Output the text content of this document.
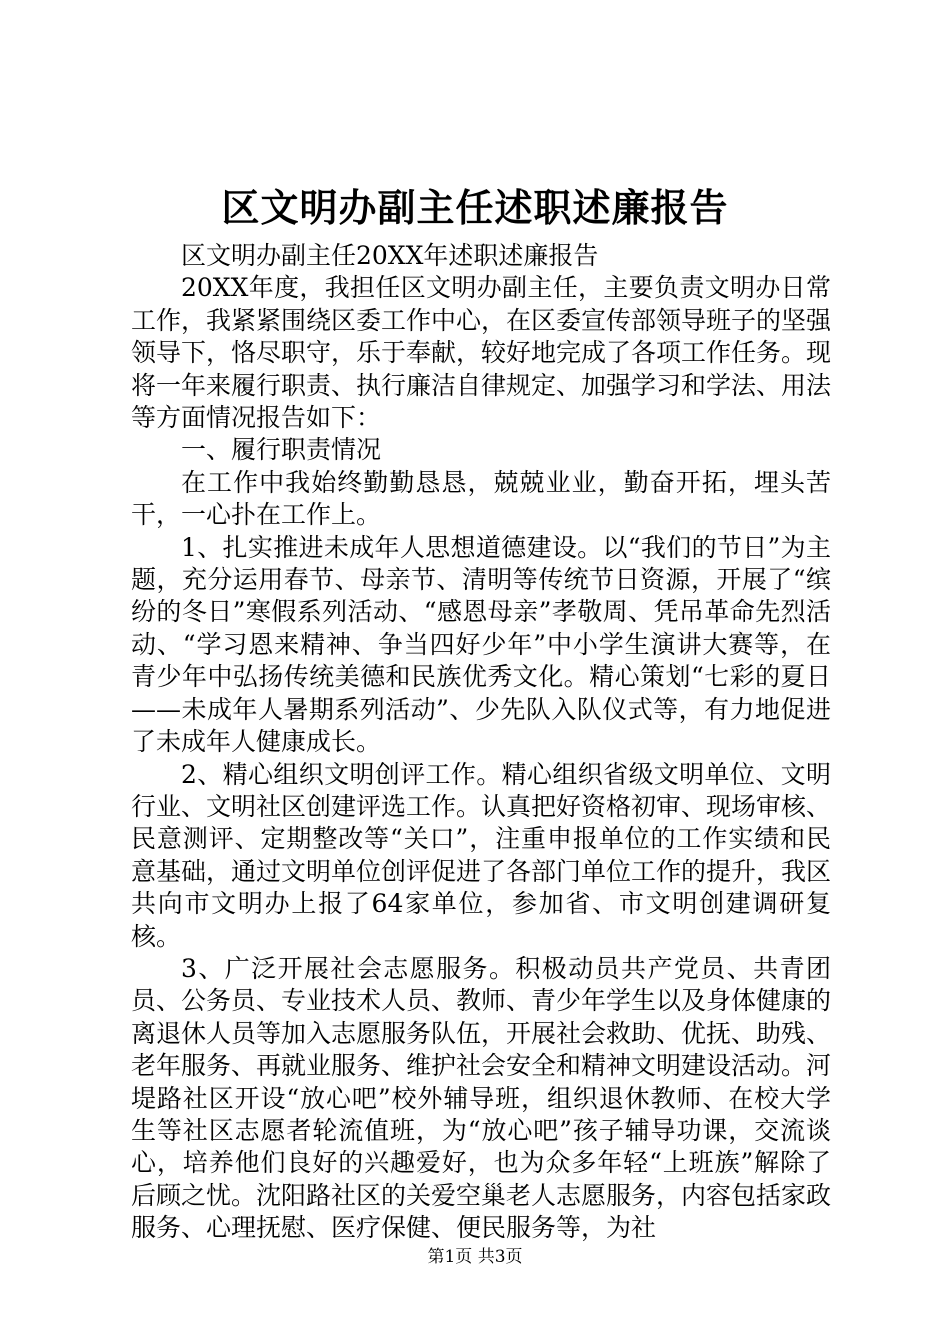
区文明办副主任述职述廉报告

区文明办副主任20XX年述职述廉报告

20XX年度，我担任区文明办副主任，主要负责文明办日常工作，我紧紧围绕区委工作中心，在区委宣传部领导班子的坚强领导下，恪尽职守，乐于奉献，较好地完成了各项工作任务。现将一年来履行职责、执行廉洁自律规定、加强学习和学法、用法等方面情况报告如下：

一、履行职责情况

在工作中我始终勤勤恳恳，兢兢业业，勤奋开拓，埋头苦干，一心扑在工作上。

1、扎实推进未成年人思想道德建设。以“我们的节日”为主题，充分运用春节、母亲节、清明等传统节日资源，开展了“缤纷的冬日”寒假系列活动、“感恩母亲”孝敬周、凭吊革命先烈活动、“学习恩来精神、争当四好少年”中小学生演讲大赛等，在青少年中弘扬传统美德和民族优秀文化。精心策划“七彩的夏日——未成年人暑期系列活动”、少先队入队仪式等，有力地促进了未成年人健康成长。

2、精心组织文明创评工作。精心组织省级文明单位、文明行业、文明社区创建评选工作。认真把好资格初审、现场审核、民意测评、定期整改等“关口”，注重申报单位的工作实绩和民意基础，通过文明单位创评促进了各部门单位工作的提升，我区共向市文明办上报了64家单位，参加省、市文明创建调研复核。

3、广泛开展社会志愿服务。积极动员共产党员、共青团员、公务员、专业技术人员、教师、青少年学生以及身体健康的离退休人员等加入志愿服务队伍，开展社会救助、优抚、助残、老年服务、再就业服务、维护社会安全和精神文明建设活动。河堤路社区开设“放心吧”校外辅导班，组织退休教师、在校大学生等社区志愿者轮流值班，为“放心吧”孩子辅导功课，交流谈心，培养他们良好的兴趣爱好，也为众多年轻“上班族”解除了后顾之忧。沈阳路社区的关爱空巢老人志愿服务，内容包括家政服务、心理抚慰、医疗保健、便民服务等，为社

第1页 共3页
